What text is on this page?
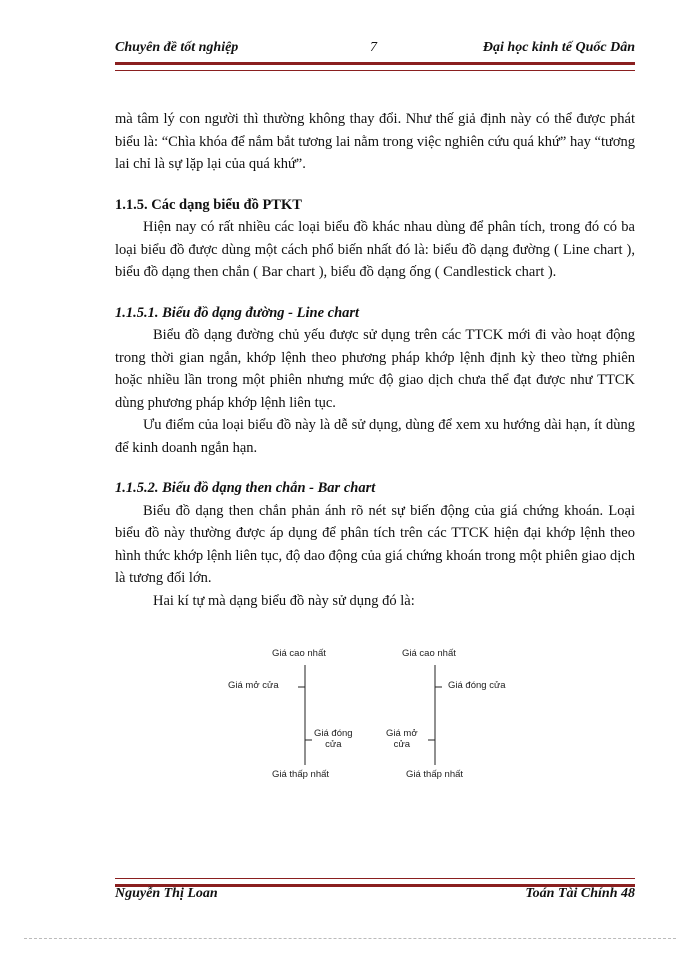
Chuyên đề tốt nghiệp	7	Đại học kinh tế Quốc Dân

mà tâm lý con người thì thường không thay đổi. Như thế giả định này có thể được phát biểu là: “Chìa khóa để nắm bắt tương lai nằm trong việc nghiên cứu quá khứ” hay “tương lai chỉ là sự lặp lại của quá khứ”.

1.1.5. Các dạng biểu đồ PTKT

Hiện nay có rất nhiều các loại biểu đồ khác nhau dùng để phân tích, trong đó có ba loại biểu đồ được dùng một cách phổ biến nhất đó là: biểu đồ dạng đường ( Line chart ), biểu đồ dạng then chắn ( Bar chart ), biểu đồ dạng ống ( Candlestick chart ).

1.1.5.1. Biểu đồ dạng đường - Line chart

Biểu đồ dạng đường chủ yếu được sử dụng trên các TTCK mới đi vào hoạt động trong thời gian ngắn, khớp lệnh theo phương pháp khớp lệnh định kỳ theo từng phiên hoặc nhiều lần trong một phiên nhưng mức độ giao dịch chưa thể đạt được như TTCK dùng phương pháp khớp lệnh liên tục.

Ưu điểm của loại biểu đồ này là dễ sử dụng, dùng để xem xu hướng dài hạn, ít dùng để kinh doanh ngắn hạn.

1.1.5.2. Biểu đồ dạng then chắn - Bar chart

Biểu đồ dạng then chắn phản ánh rõ nét sự biến động của giá chứng khoán. Loại biểu đồ này thường được áp dụng để phân tích trên các TTCK hiện đại khớp lệnh theo hình thức khớp lệnh liên tục, độ dao động của giá chứng khoán trong một phiên giao dịch là tương đối lớn.

Hai kí tự mà dạng biểu đồ này sử dụng đó là:

Giá cao nhất
Giá mở cửa
Giá đóng
cửa
Giá thấp nhất
Giá cao nhất
Giá đóng cửa
Giá mở
cửa
Giá thấp nhất
Nguyễn Thị Loan	Toán Tài Chính 48
